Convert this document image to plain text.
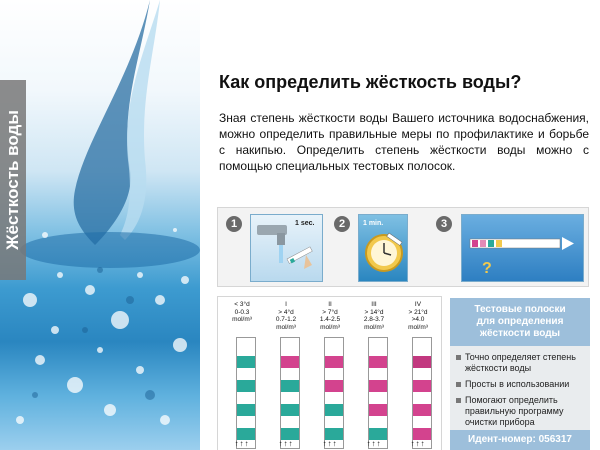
Жёсткость воды
Как определить жёсткость воды?

Зная степень жёсткости воды Вашего источника водоснабжения, можно определить правильные меры по профилактике и борьбе с накипью. Определить степень жёсткости воды можно с помощью специальных тестовых полосок.

1	1 sec.	2	1 min.	3
?
< 3°d
0-0.3
mol/m³
↑↑↑
I
> 4°d
0.7-1.2
mol/m³
↑↑↑
II
> 7°d
1.4-2.5
mol/m³
↑↑↑
III
> 14°d
2.8-3.7
mol/m³
↑↑↑
IV
> 21°d
>4.0
mol/m³
↑↑↑
Тестовые полоски
для определения
жёсткости воды
Точно определяет степень жёсткости воды
Просты в использовании
Помогают определить правильную программу очистки прибора
Идент-номер: 056317
